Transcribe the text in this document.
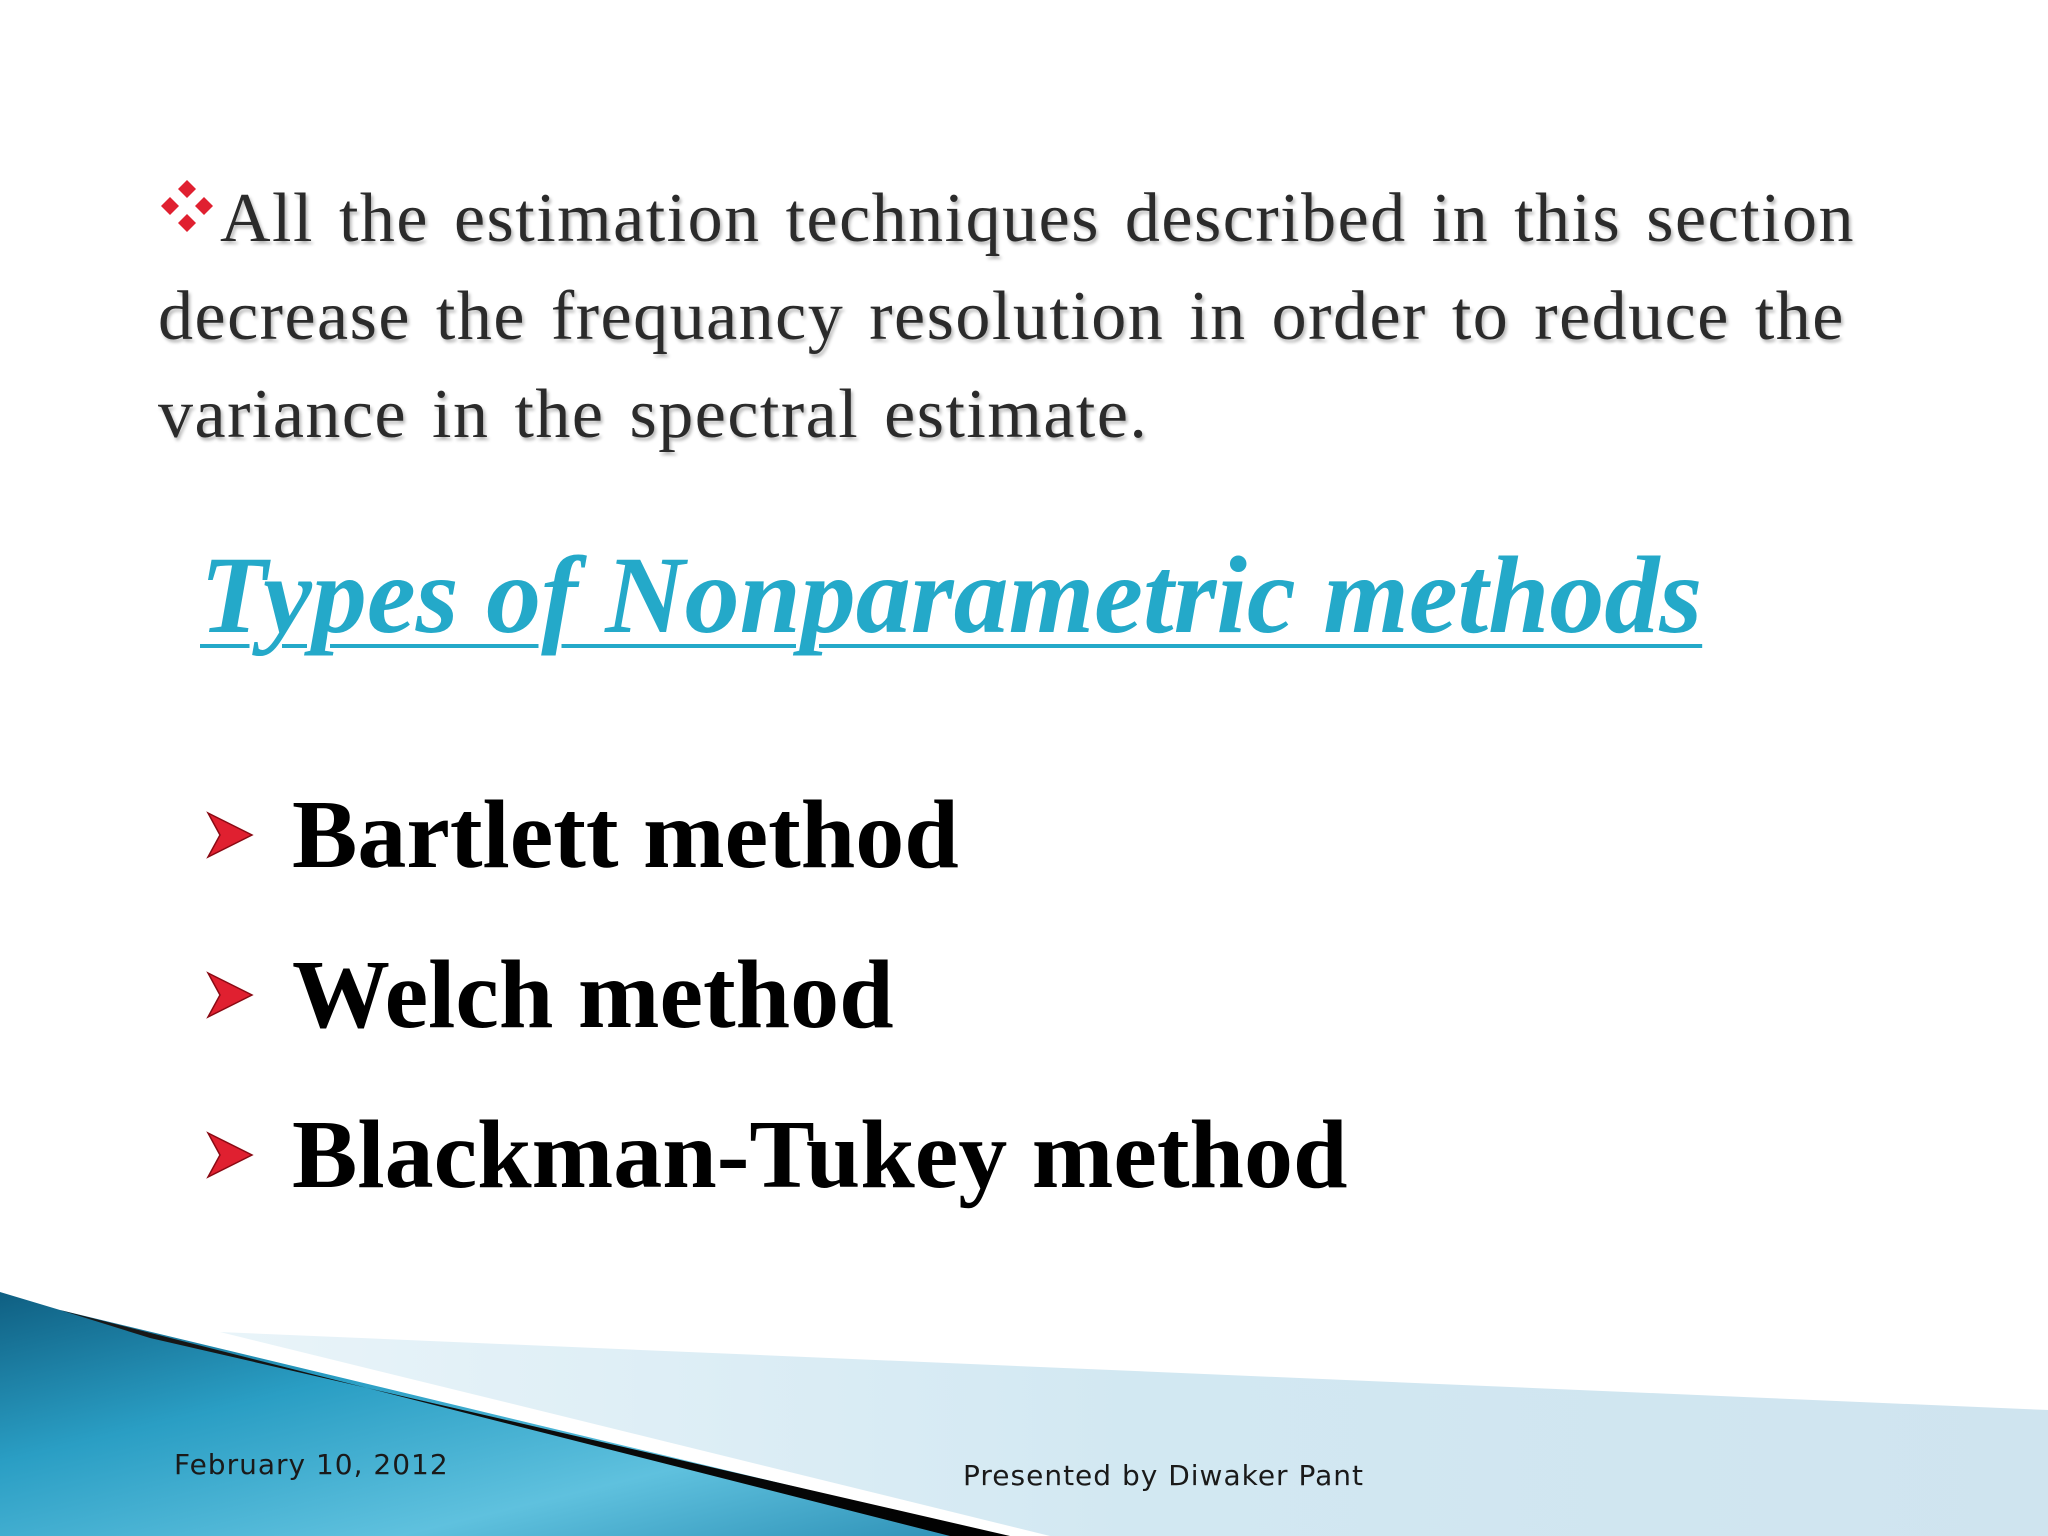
All the estimation techniques described in this section decrease the frequancy resolution in order to reduce the variance in the spectral estimate.

Types of Nonparametric methods
Bartlett method
Welch method
Blackman-Tukey method
February 10, 2012	Presented by Diwaker Pant
